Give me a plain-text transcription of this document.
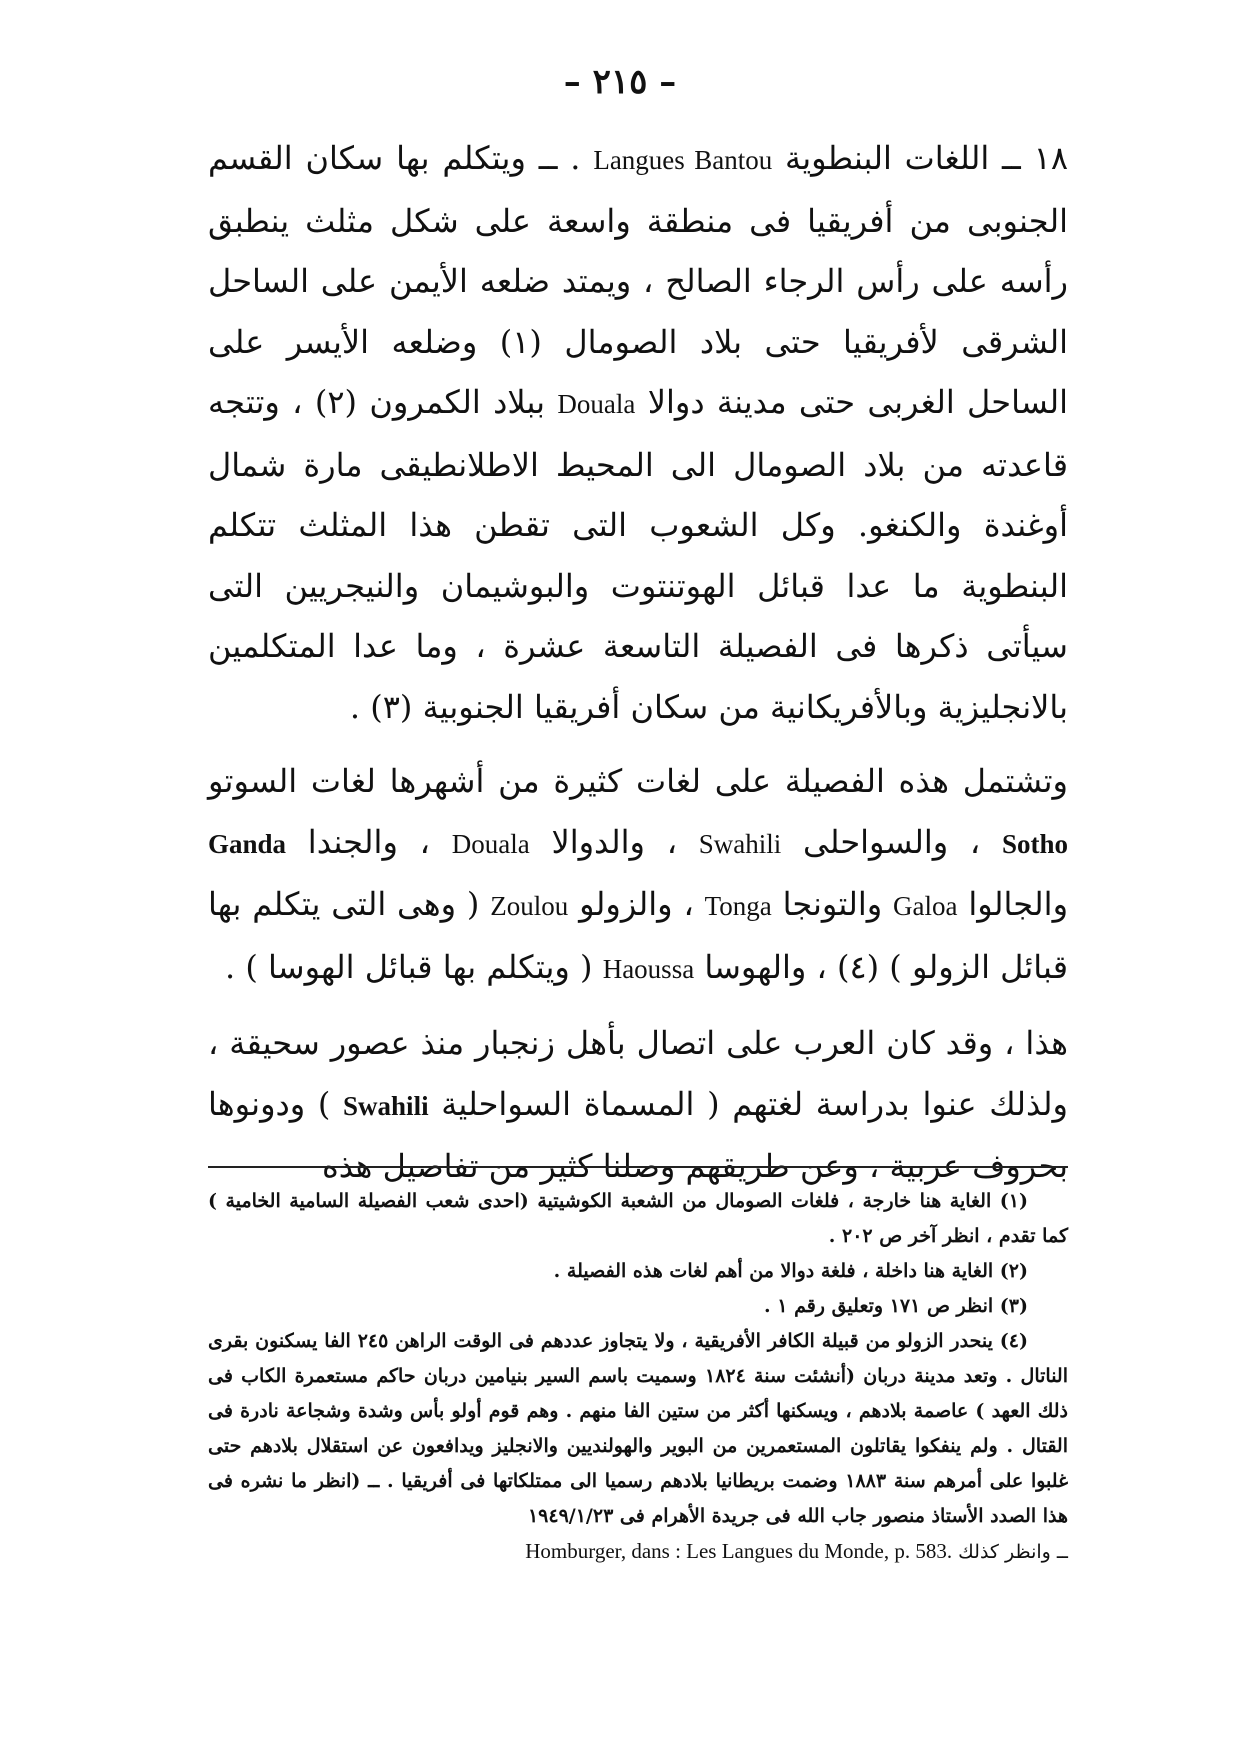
– ٢١٥ –

١٨ ــ اللغات البنطوية Langues Bantou . ــ ويتكلم بها سكان القسم الجنوبى من أفريقيا فى منطقة واسعة على شكل مثلث ينطبق رأسه على رأس الرجاء الصالح ، ويمتد ضلعه الأيمن على الساحل الشرقى لأفريقيا حتى بلاد الصومال (١) وضلعه الأيسر على الساحل الغربى حتى مدينة دوالا Douala ببلاد الكمرون (٢) ، وتتجه قاعدته من بلاد الصومال الى المحيط الاطلانطيقى مارة شمال أوغندة والكنغو. وكل الشعوب التى تقطن هذا المثلث تتكلم البنطوية ما عدا قبائل الهوتنتوت والبوشيمان والنيجريين التى سيأتى ذكرها فى الفصيلة التاسعة عشرة ، وما عدا المتكلمين بالانجليزية وبالأفريكانية من سكان أفريقيا الجنوبية (٣) .

وتشتمل هذه الفصيلة على لغات كثيرة من أشهرها لغات السوتو Sotho ، والسواحلى Swahili ، والدوالا Douala ، والجندا Ganda والجالوا Galoa والتونجا Tonga ، والزولو Zoulou ( وهى التى يتكلم بها قبائل الزولو ) (٤) ، والهوسا Haoussa ( ويتكلم بها قبائل الهوسا ) .

هذا ، وقد كان العرب على اتصال بأهل زنجبار منذ عصور سحيقة ، ولذلك عنوا بدراسة لغتهم ( المسماة السواحلية Swahili ) ودونوها بحروف عربية ، وعن طريقهم وصلنا كثير من تفاصيل هذه

(١) الغاية هنا خارجة ، فلغات الصومال من الشعبة الكوشيتية (احدى شعب الفصيلة السامية الخامية ) كما تقدم ، انظر آخر ص ٢٠٢ .

(٢) الغاية هنا داخلة ، فلغة دوالا من أهم لغات هذه الفصيلة .

(٣) انظر ص ١٧١ وتعليق رقم ١ .

(٤) ينحدر الزولو من قبيلة الكافر الأفريقية ، ولا يتجاوز عددهم فى الوقت الراهن ٢٤٥ الفا يسكنون بقرى الناتال . وتعد مدينة دربان (أنشئت سنة ١٨٢٤ وسميت باسم السير بنيامين دربان حاكم مستعمرة الكاب فى ذلك العهد ) عاصمة بلادهم ، ويسكنها أكثر من ستين الفا منهم . وهم قوم أولو بأس وشدة وشجاعة نادرة فى القتال . ولم ينفكوا يقاتلون المستعمرين من البوير والهولنديين والانجليز ويدافعون عن استقلال بلادهم حتى غلبوا على أمرهم سنة ١٨٨٣ وضمت بريطانيا بلادهم رسميا الى ممتلكاتها فى أفريقيا . ــ (انظر ما نشره فى هذا الصدد الأستاذ منصور جاب الله فى جريدة الأهرام فى ١٩٤٩/١/٢٣

ــ وانظر كذلك Homburger, dans : Les Langues du Monde, p. 583.
